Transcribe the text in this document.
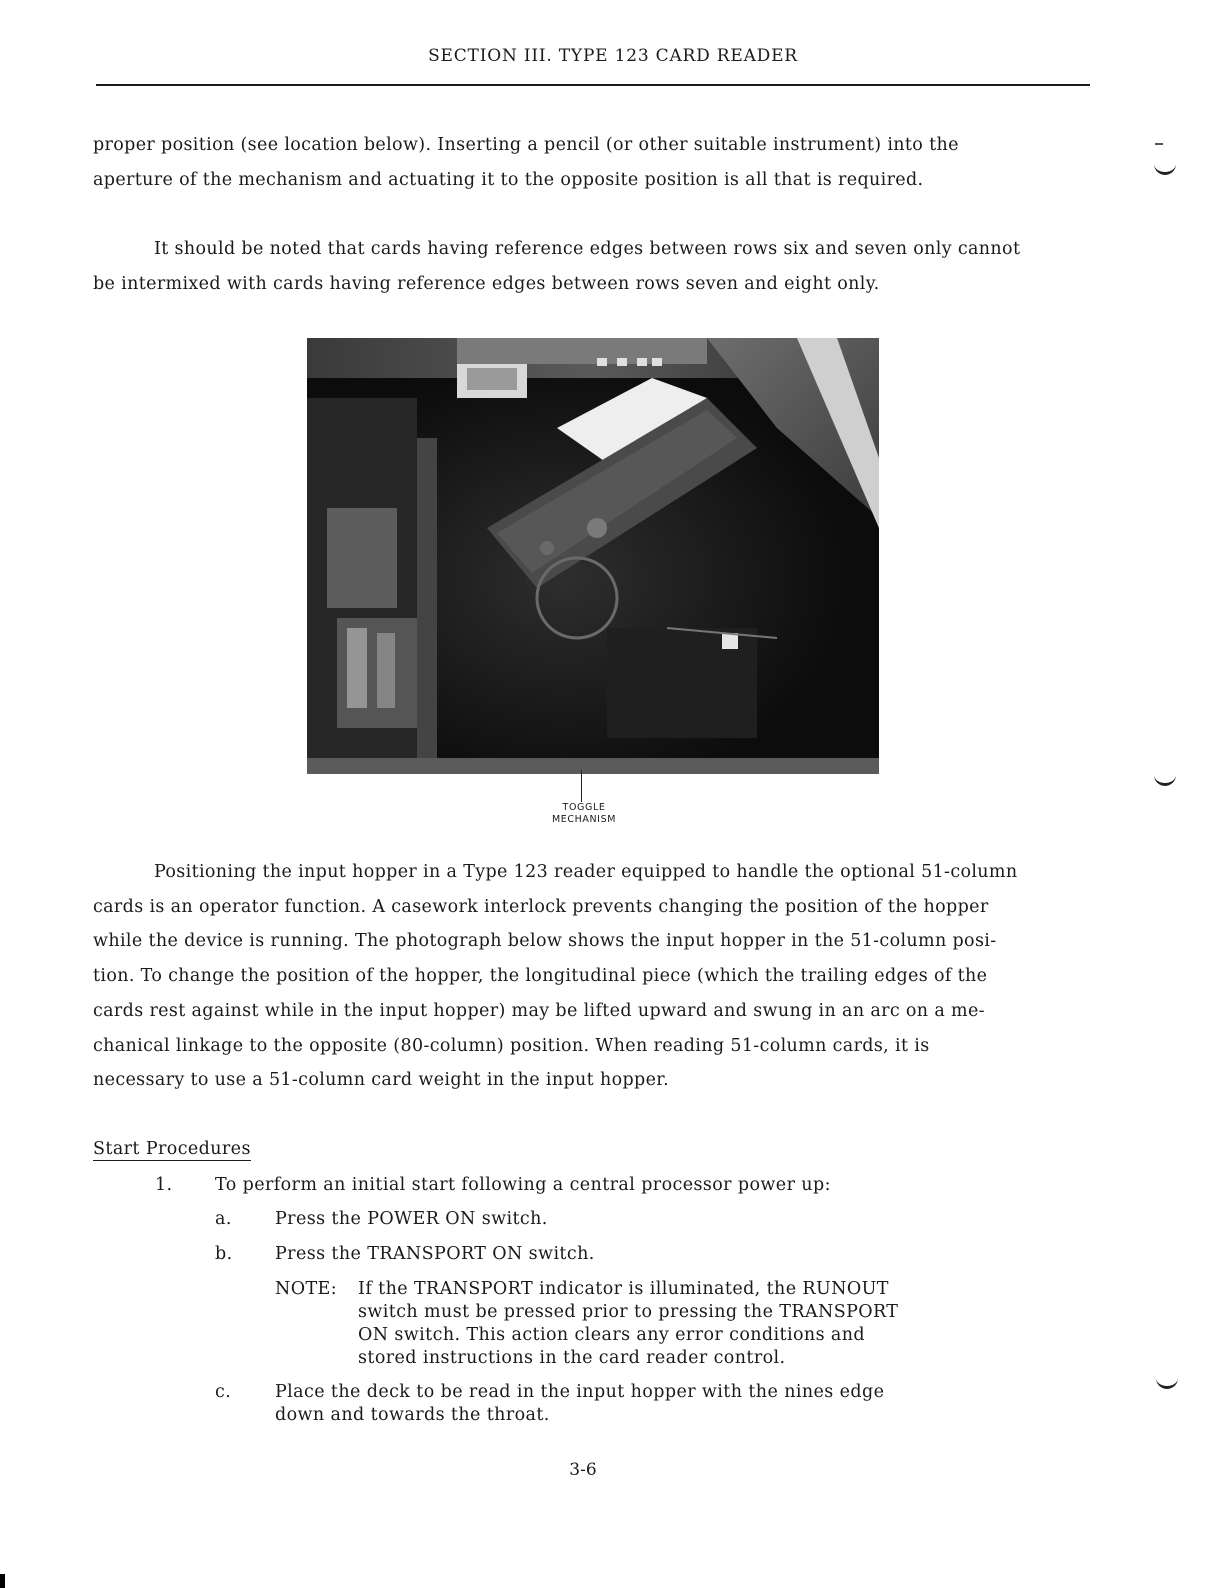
SECTION III. TYPE 123 CARD READER

proper position (see location below). Inserting a pencil (or other suitable instrument) into the
aperture of the mechanism and actuating it to the opposite position is all that is required.

It should be noted that cards having reference edges between rows six and seven only cannot
be intermixed with cards having reference edges between rows seven and eight only.

TOGGLE
MECHANISM

Positioning the input hopper in a Type 123 reader equipped to handle the optional 51-column
cards is an operator function. A casework interlock prevents changing the position of the hopper
while the device is running. The photograph below shows the input hopper in the 51-column posi-
tion. To change the position of the hopper, the longitudinal piece (which the trailing edges of the
cards rest against while in the input hopper) may be lifted upward and swung in an arc on a me-
chanical linkage to the opposite (80-column) position. When reading 51-column cards, it is
necessary to use a 51-column card weight in the input hopper.

Start Procedures
1. To perform an initial start following a central processor power up:
a. Press the POWER ON switch.
b. Press the TRANSPORT ON switch.
NOTE: If the TRANSPORT indicator is illuminated, the RUNOUT
switch must be pressed prior to pressing the TRANSPORT
ON switch. This action clears any error conditions and
stored instructions in the card reader control.
c.	Place the deck to be read in the input hopper with the nines edge
down and towards the throat.
3-6
